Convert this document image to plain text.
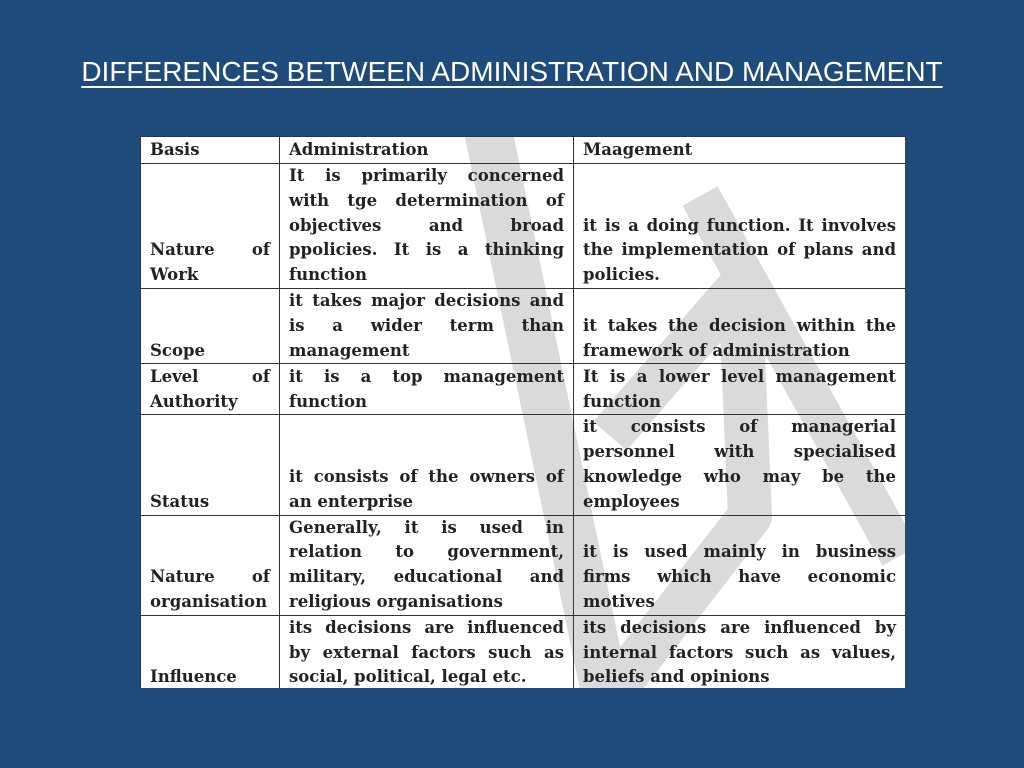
DIFFERENCES BETWEEN ADMINISTRATION AND MANAGEMENT
Basis	Administration	Maagement
Nature of Work	It is primarily concerned with tge determination of objectives and broad ppolicies. It is a thinking function	it is a doing function. It involves the implementation of plans and policies.
Scope	it takes major decisions and is a wider term than management	it takes the decision within the framework of administration
Level of Authority	it is a top management function	It is a lower level management function
Status	it consists of the owners of an enterprise	it consists of managerial personnel with specialised knowledge who may be the employees
Nature of organisation	Generally, it is used in relation to government, military, educational and religious organisations	it is used mainly in business firms which have economic motives
Influence	its decisions are influenced by external factors such as social, political, legal etc.	its decisions are influenced by internal factors such as values, beliefs and opinions
